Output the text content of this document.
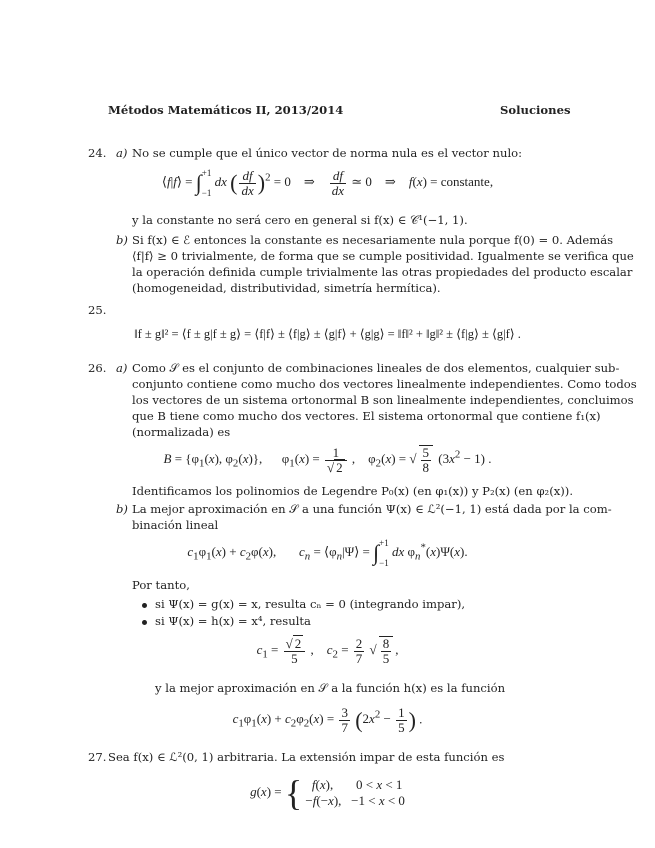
Métodos Matemáticos II, 2013/2014	Soluciones
24. a) No se cumple que el único vector de norma nula es el vector nulo:
⟨f|f⟩ = ∫+1

−1 dx ( $\frac{df}{dx} )^2 = 0$    ⇒ $\frac{df}{dx}$ ≃ 0    ⇒    f(x) = constante,
y la constante no será cero en general si f(x) ∈ 𝒞¹(−1, 1).
b) Si f(x) ∈ ℰ entonces la constante es necesariamente nula porque f(0) = 0. Además
⟨f|f⟩ ≥ 0 trivialmente, de forma que se cumple positividad. Igualmente se verifica que
la operación definida cumple trivialmente las otras propiedades del producto escalar
(homogeneidad, distributividad, simetría hermítica).
25.
‖f ± g‖² = ⟨f ± g|f ± g⟩ = ⟨f|f⟩ ± ⟨f|g⟩ ± ⟨g|f⟩ + ⟨g|g⟩ = ‖f‖² + ‖g‖² ± ⟨f|g⟩ ± ⟨g|f⟩ .
26. a) Como 𝒮 es el conjunto de combinaciones lineales de dos elementos, cualquier sub-
conjunto contiene como mucho dos vectores linealmente independientes. Como todos
los vectores de un sistema ortonormal B son linealmente independientes, concluimos
que B tiene como mucho dos vectores. El sistema ortonormal que contiene f₁(x)
(normalizada) es
$B = \{\varphi_1(x)$, $\varphi_2(x)$},      $\varphi_1(x) = \frac{1}{√ 2}$ ,    $\varphi_2(x)$ = √ $\frac{5}{8} (3x^2 - 1)$ .
Identificamos los polinomios de Legendre P₀(x) (en φ₁(x)) y P₂(x) (en φ₂(x)).
b) La mejor aproximación en 𝒮 a una función Ψ(x) ∈ ℒ²(−1, 1) está dada por la com-
binación lineal
$c_1\varphi_1(x) + c_2\varphi(x)$,       $c_n$ = $⟨\varphi_n|\Psi⟩ = \int+1$

−1 dx $\varphi_n^*(x)\Psi(x)$.
Por tanto,
si Ψ(x) = g(x) = x, resulta cₙ = 0 (integrando impar),
si Ψ(x) = h(x) = x⁴, resulta
$c_1 = \frac{√ 2}{5}$ ,    $c_2 = \frac{2}{7}$ √ $\frac{8}{5}$ ,
y la mejor aproximación en 𝒮 a la función h(x) es la función
$c_1\varphi_1(x) + c_2\varphi_2(x) = \frac{3}{7} (2x^2 - \frac{1}{5}$ ) .
27. Sea f(x) ∈ ℒ²(0, 1) arbitraria. La extensión impar de esta función es
g(x) = { f(x),       0 < x < 1
−f(−x),   −1 < x < 0
